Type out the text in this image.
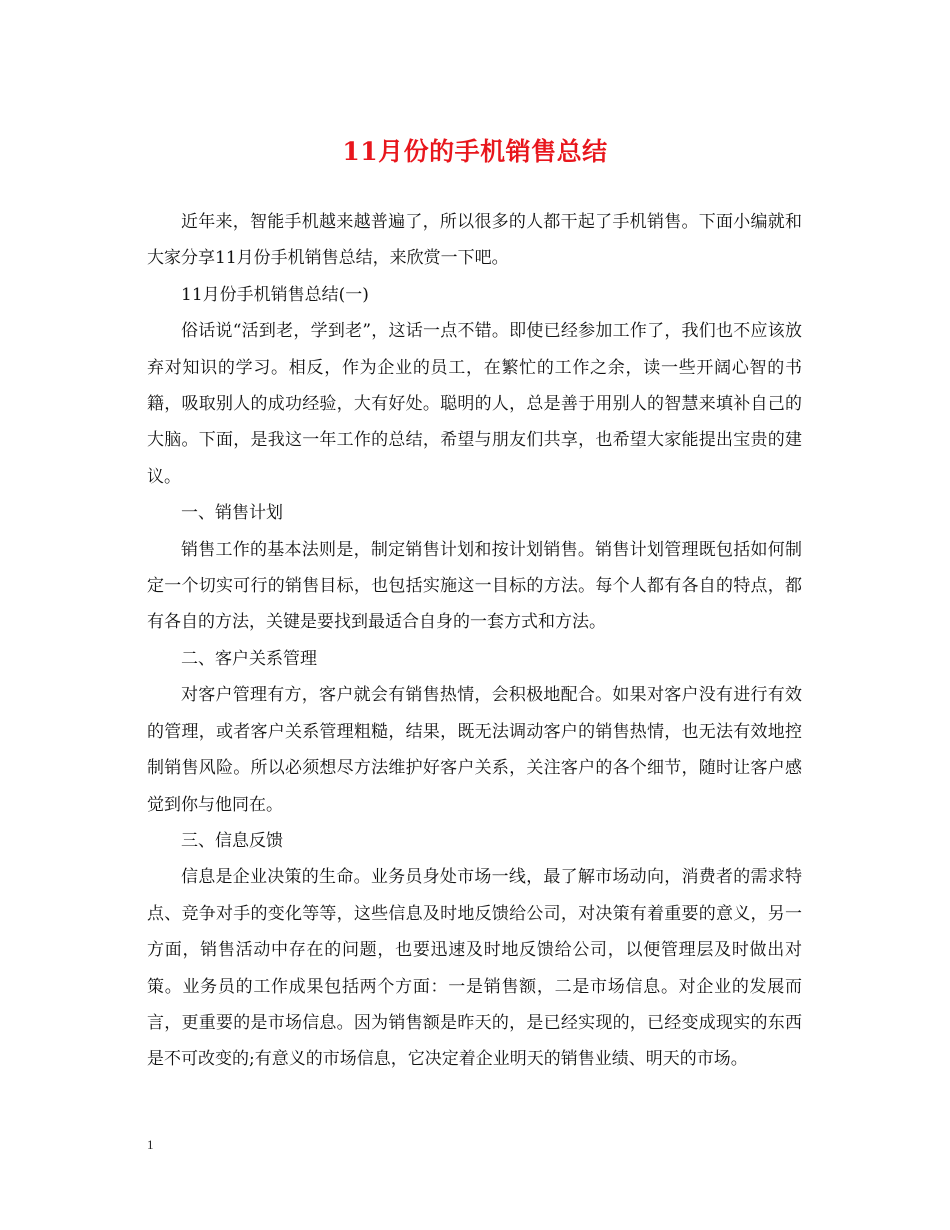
11月份的手机销售总结

近年来，智能手机越来越普遍了，所以很多的人都干起了手机销售。下面小编就和大家分享11月份手机销售总结，来欣赏一下吧。

11月份手机销售总结(一)

俗话说“活到老，学到老”，这话一点不错。即使已经参加工作了，我们也不应该放弃对知识的学习。相反，作为企业的员工，在繁忙的工作之余，读一些开阔心智的书籍，吸取别人的成功经验，大有好处。聪明的人，总是善于用别人的智慧来填补自己的大脑。下面，是我这一年工作的总结，希望与朋友们共享，也希望大家能提出宝贵的建议。

一、销售计划

销售工作的基本法则是，制定销售计划和按计划销售。销售计划管理既包括如何制定一个切实可行的销售目标，也包括实施这一目标的方法。每个人都有各自的特点，都有各自的方法，关键是要找到最适合自身的一套方式和方法。

二、客户关系管理

对客户管理有方，客户就会有销售热情，会积极地配合。如果对客户没有进行有效的管理，或者客户关系管理粗糙，结果，既无法调动客户的销售热情，也无法有效地控制销售风险。所以必须想尽方法维护好客户关系，关注客户的各个细节，随时让客户感觉到你与他同在。

三、信息反馈

信息是企业决策的生命。业务员身处市场一线，最了解市场动向，消费者的需求特点、竞争对手的变化等等，这些信息及时地反馈给公司，对决策有着重要的意义，另一方面，销售活动中存在的问题，也要迅速及时地反馈给公司，以便管理层及时做出对策。业务员的工作成果包括两个方面：一是销售额，二是市场信息。对企业的发展而言，更重要的是市场信息。因为销售额是昨天的，是已经实现的，已经变成现实的东西是不可改变的;有意义的市场信息，它决定着企业明天的销售业绩、明天的市场。

1
